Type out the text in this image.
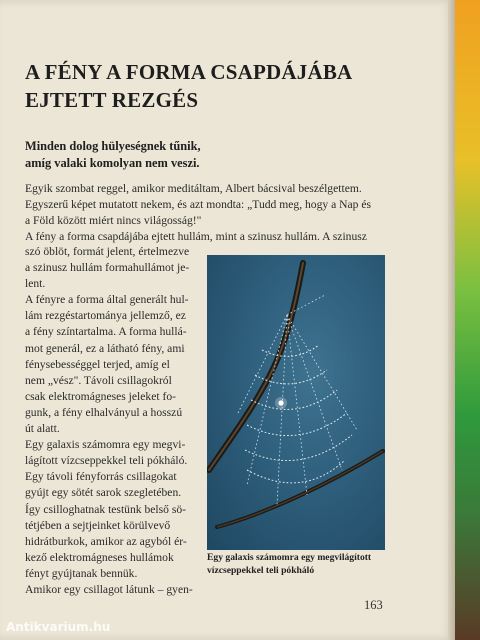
A FÉNY A FORMA CSAPDÁJÁBA
EJTETT REZGÉS
Minden dolog hülyeségnek tűnik,
amíg valaki komolyan nem veszi.

Egyik szombat reggel, amikor meditáltam, Albert bácsival beszélgettem.

Egyszerű képet mutatott nekem, és azt mondta: „Tudd meg, hogy a Nap és

a Föld között miért nincs világosság!"

A fény a forma csapdájába ejtett hullám, mint a szinusz hullám. A szinusz

szó öblöt, formát jelent, értelmezve

a szinusz hullám formahullámot je-

lent.

A fényre a forma által generált hul-

lám rezgéstartománya jellemző, ez

a fény színtartalma. A forma hullá-

mot generál, ez a látható fény, ami

fénysebességgel terjed, amíg el

nem „vész". Távoli csillagokról

csak elektromágneses jeleket fo-

gunk, a fény elhalványul a hosszú

út alatt.

Egy galaxis számomra egy megvi-

lágított vízcseppekkel teli pókháló.

Egy távoli fényforrás csillagokat

gyújt egy sötét sarok szegletében.

Így csilloghatnak testünk belső sö-

tétjében a sejtjeinket körülvevő

hidrátburkok, amikor az agyból ér-

kező elektromágneses hullámok

fényt gyújtanak bennük.

Amikor egy csillagot látunk – gyen-

Egy galaxis számomra egy megvilágított
vízcseppekkel teli pókháló
163
Antikvarium.hu
